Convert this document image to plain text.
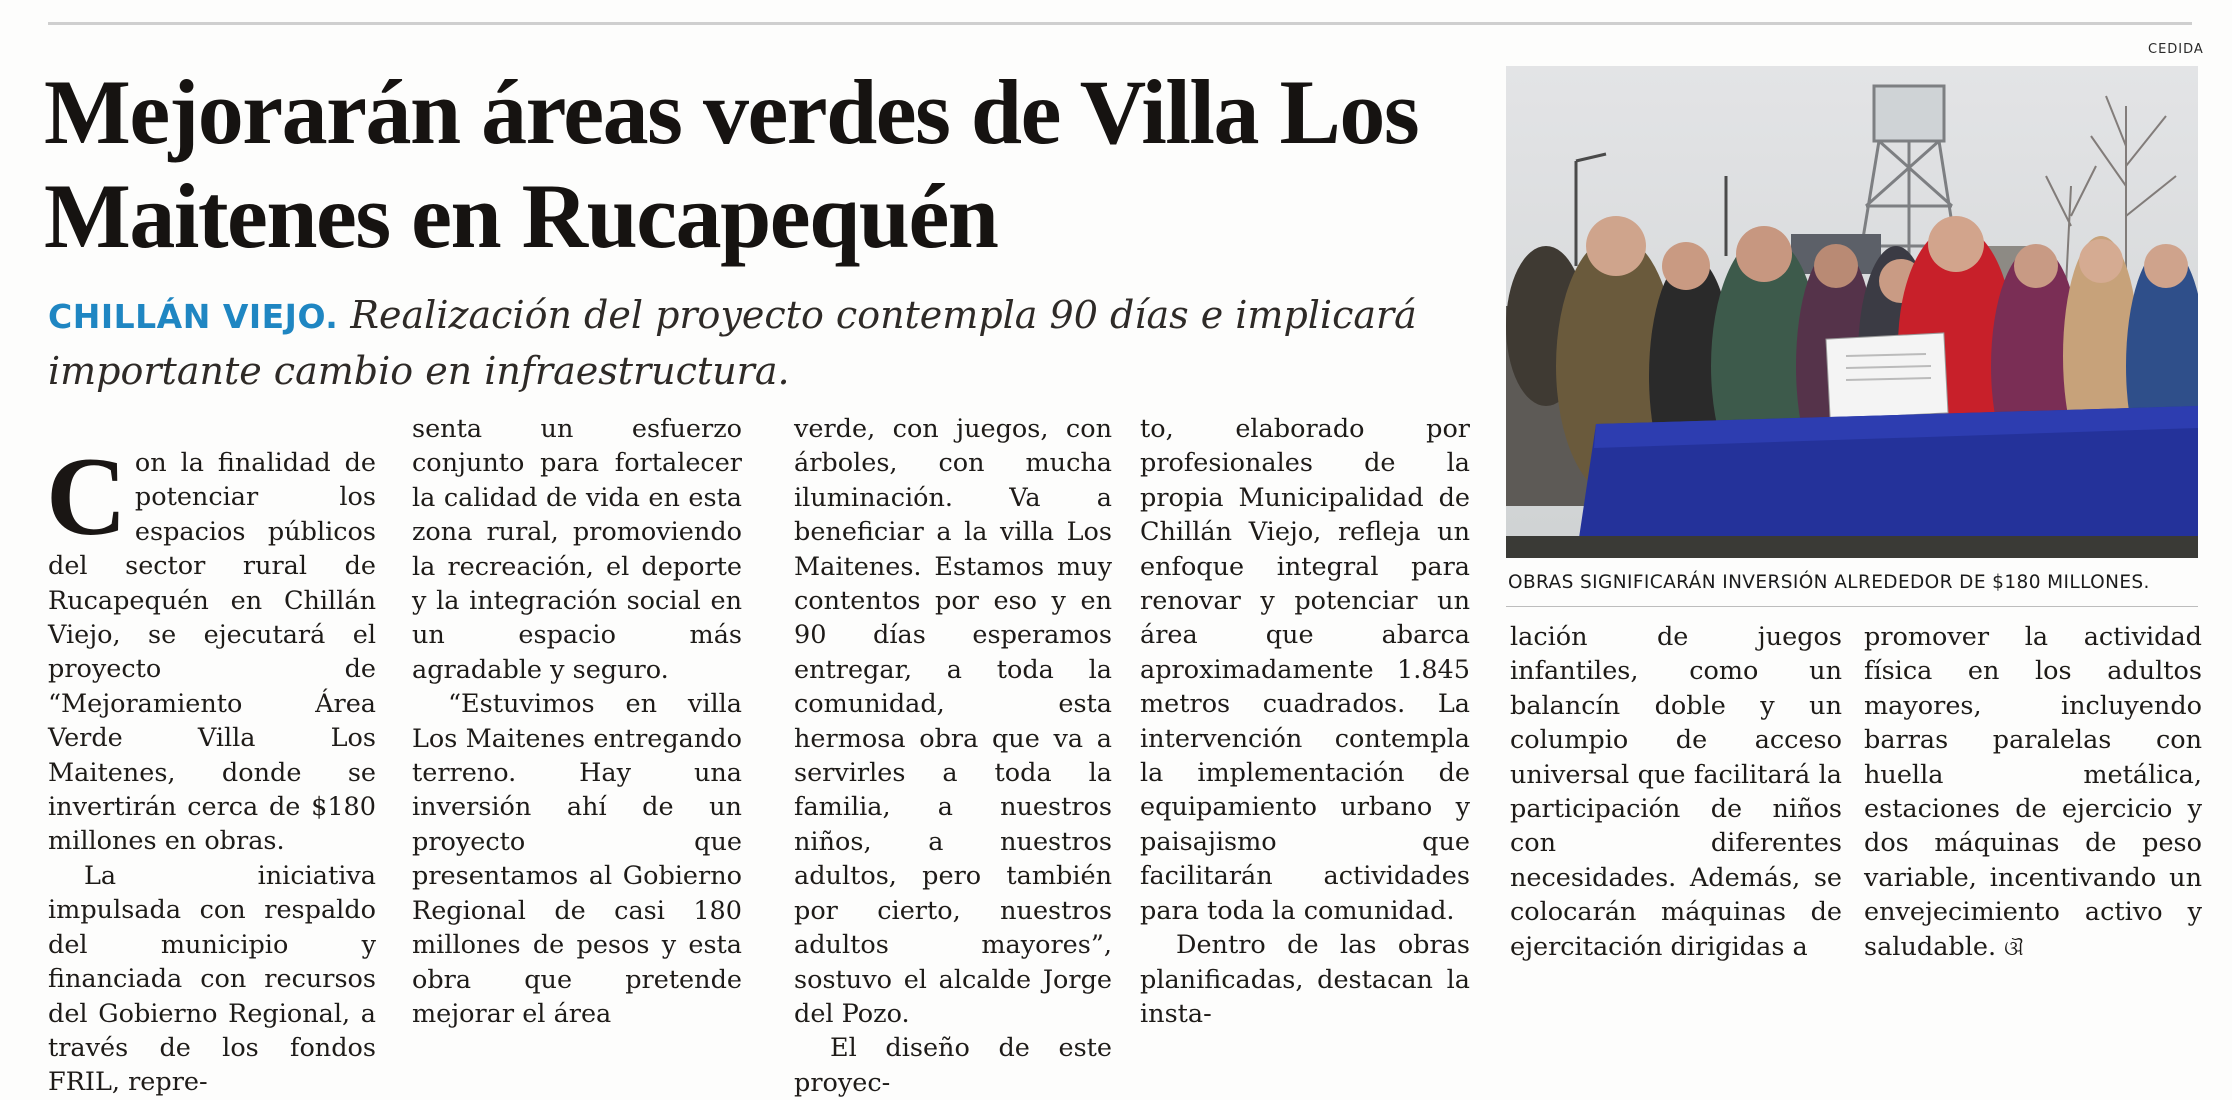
CEDIDA
Mejorarán áreas verdes de Villa Los Maitenes en Rucapequén

CHILLÁN VIEJO. Realización del proyecto contempla 90 días e implicará importante cambio en infraestructura.

OBRAS SIGNIFICARÁN INVERSIÓN ALREDEDOR DE $180 MILLONES.

Con la finalidad de potenciar los espacios públicos del sector rural de Rucapequén en Chillán Viejo, se ejecutará el proyecto de “Mejoramiento Área Verde Villa Los Maitenes, donde se invertirán cerca de $180 millones en obras.

La iniciativa impulsada con respaldo del municipio y financiada con recursos del Gobierno Regional, a través de los fondos FRIL, repre-

senta un esfuerzo conjunto para fortalecer la calidad de vida en esta zona rural, promoviendo la recreación, el deporte y la integración social en un espacio más agradable y seguro.

“Estuvimos en villa Los Maitenes entregando terreno. Hay una inversión ahí de un proyecto que presentamos al Gobierno Regional de casi 180 millones de pesos y esta obra que pretende mejorar el área

verde, con juegos, con árboles, con mucha iluminación. Va a beneficiar a la villa Los Maitenes. Estamos muy contentos por eso y en 90 días esperamos entregar, a toda la comunidad, esta hermosa obra que va a servirles a toda la familia, a nuestros niños, a nuestros adultos, pero también por cierto, nuestros adultos mayores”, sostuvo el alcalde Jorge del Pozo.

El diseño de este proyec-

to, elaborado por profesionales de la propia Municipalidad de Chillán Viejo, refleja un enfoque integral para renovar y potenciar un área que abarca aproximadamente 1.845 metros cuadrados. La intervención contempla la implementación de equipamiento urbano y paisajismo que facilitarán actividades para toda la comunidad.

Dentro de las obras planificadas, destacan la insta-

lación de juegos infantiles, como un balancín doble y un columpio de acceso universal que facilitará la participación de niños con diferentes necesidades. Además, se colocarán máquinas de ejercitación dirigidas a

promover la actividad física en los adultos mayores, incluyendo barras paralelas con huella metálica, estaciones de ejercicio y dos máquinas de peso variable, incentivando un envejecimiento activo y saludable. ଔ
